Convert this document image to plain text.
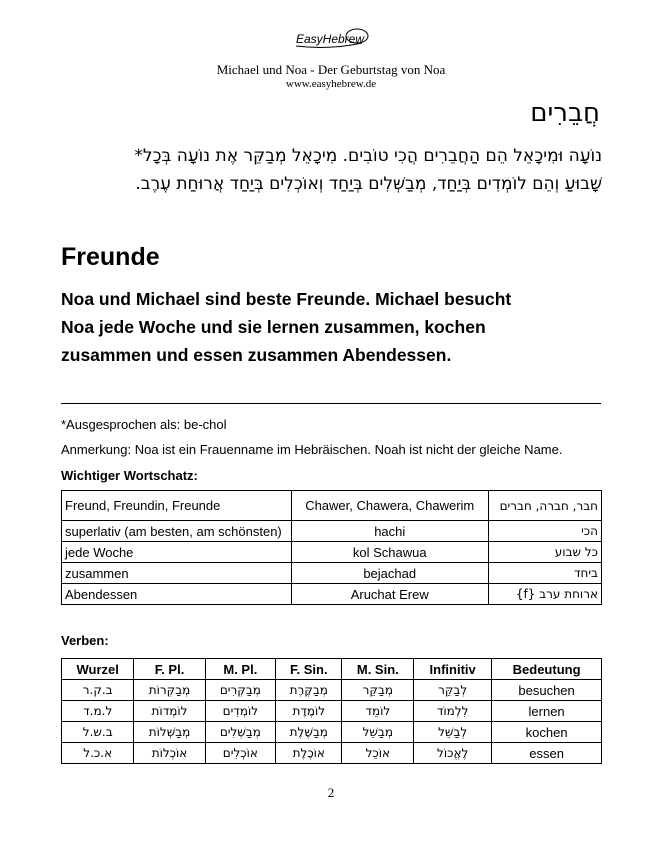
EasyHebrew
Michael und Noa - Der Geburtstag von Noa
www.easyhebrew.de
חֲבֵרִים
נוֹעָה וּמִיכָאֵל הֵם הַחֲבֵרִים הֲכִי טוֹבִים. מִיכָאֵל מְבַקֵּר אֶת נוֹעָה בְּכָל*
שָׁבוּעַ וְהֵם לוֹמְדִים בְּיַחַד, מְבַשְּׁלִים בְּיַחַד וְאוֹכְלִים בְּיַחַד אֲרוּחַת עֶרֶב.
Freunde
Noa und Michael sind beste Freunde. Michael besucht
Noa jede Woche und sie lernen zusammen, kochen
zusammen und essen zusammen Abendessen.
*Ausgesprochen als: be-chol
Anmerkung: Noa ist ein Frauenname im Hebräischen. Noah ist nicht der gleiche Name.
Wichtiger Wortschatz:
Freund, Freundin, Freunde	Chawer, Chawera, Chawerim	חבר, חברה, חברים
superlativ (am besten, am schönsten)	hachi	הכי
jede Woche	kol Schawua	כל שבוע
zusammen	bejachad	ביחד
Abendessen	Aruchat Erew	ארוחת ערב {f}
Verben:
Wurzel	F. Pl.	M. Pl.	F. Sin.	M. Sin.	Infinitiv	Bedeutung
ב.ק.ר	מְבַקְּרוֹת	מְבַקְּרִים	מְבַקֶּרֶת	מְבַקֵּר	לְבַקֵּר	besuchen
ל.מ.ד	לוֹמְדוֹת	לוֹמְדִים	לוֹמֶדֶת	לוֹמֵד	לִלְמוֹד	lernen
ב.ש.ל	מְבַשְּׁלוֹת	מְבַשְּׁלִים	מְבַשֶּׁלֶת	מְבַשֵּׁל	לְבַשֵּׁל	kochen
א.כ.ל	אוֹכְלוֹת	אוֹכְלִים	אוֹכֶלֶת	אוֹכֵל	לֶאֱכוֹל	essen
2
